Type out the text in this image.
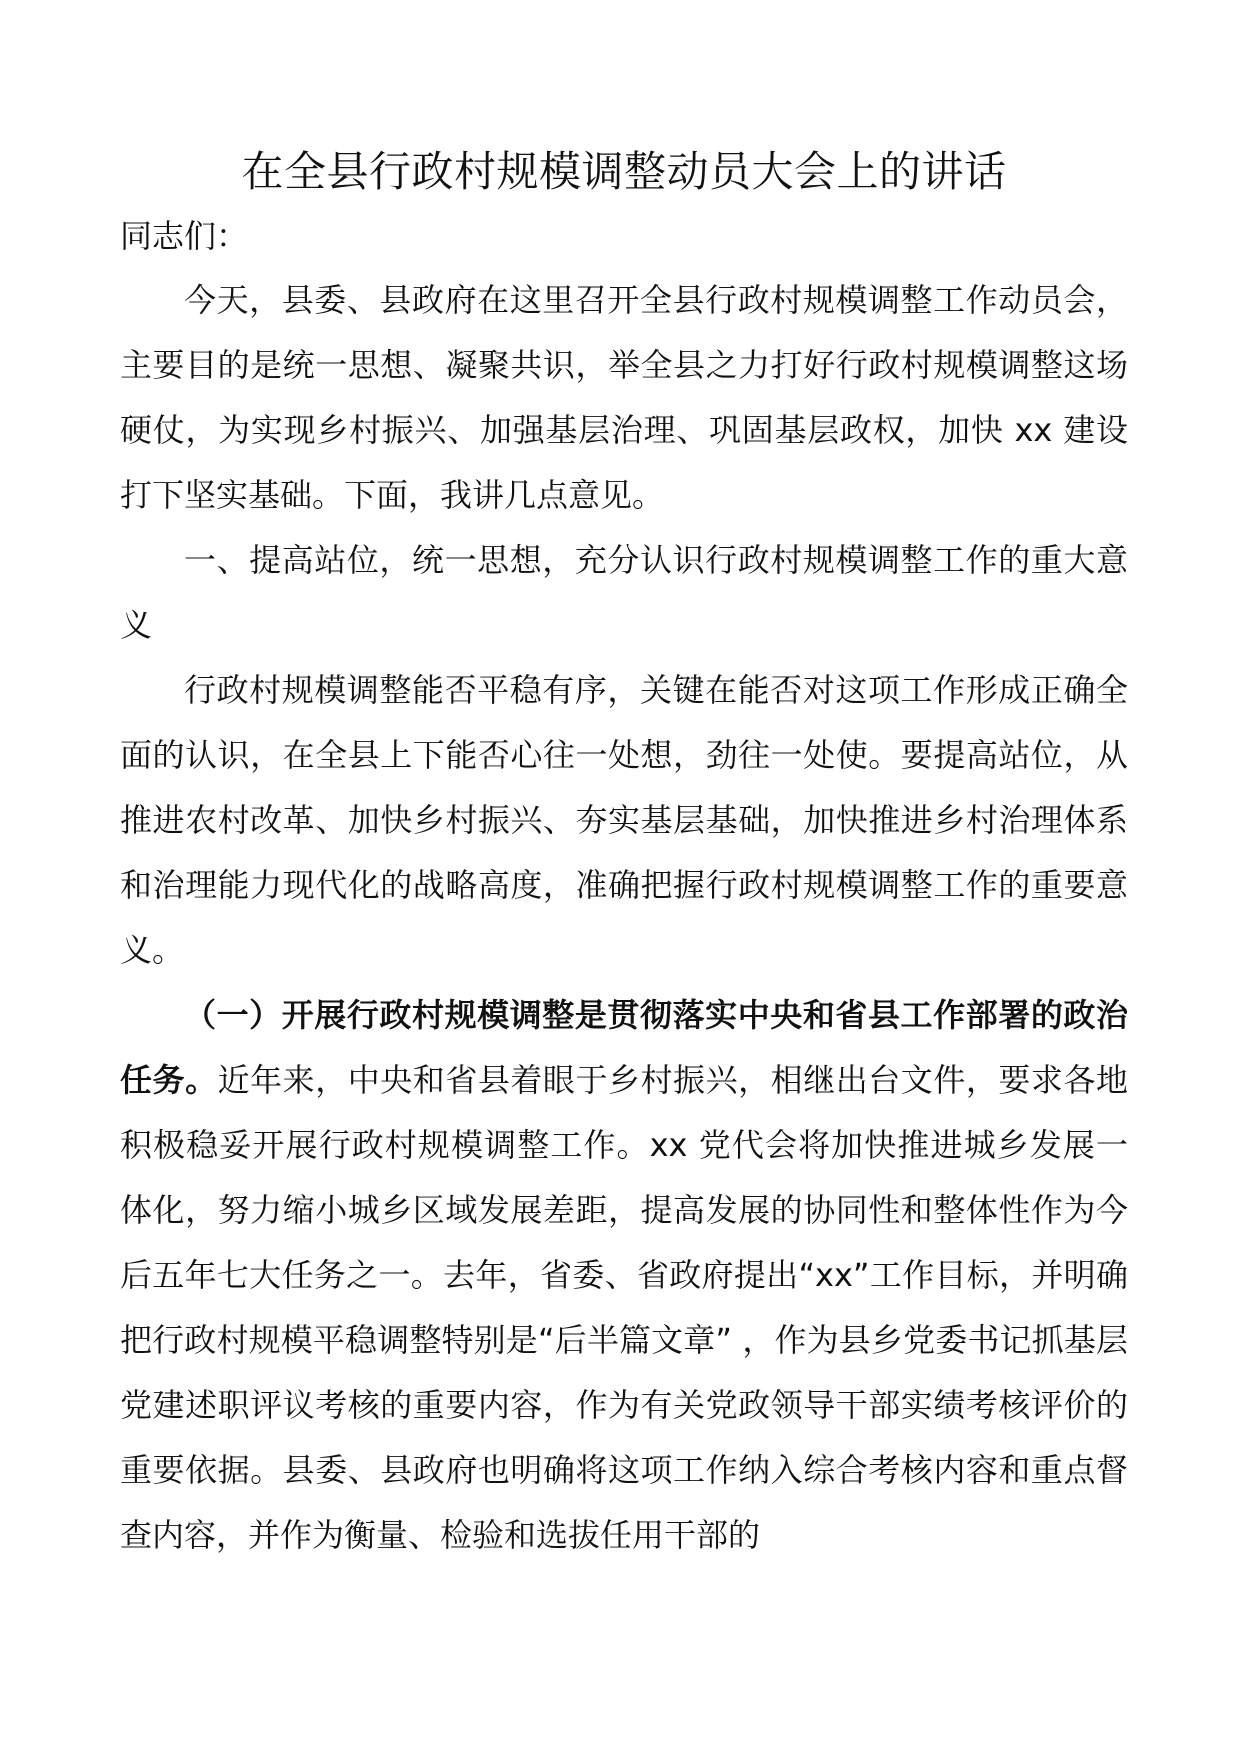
在全县行政村规模调整动员大会上的讲话

同志们：

今天，县委、县政府在这里召开全县行政村规模调整工作动员会，主要目的是统一思想、凝聚共识，举全县之力打好行政村规模调整这场硬仗，为实现乡村振兴、加强基层治理、巩固基层政权，加快 xx 建设打下坚实基础。下面，我讲几点意见。

一、提高站位，统一思想，充分认识行政村规模调整工作的重大意义

行政村规模调整能否平稳有序，关键在能否对这项工作形成正确全面的认识，在全县上下能否心往一处想，劲往一处使。要提高站位，从推进农村改革、加快乡村振兴、夯实基层基础，加快推进乡村治理体系和治理能力现代化的战略高度，准确把握行政村规模调整工作的重要意义。

（一）开展行政村规模调整是贯彻落实中央和省县工作部署的政治任务。近年来，中央和省县着眼于乡村振兴，相继出台文件，要求各地积极稳妥开展行政村规模调整工作。xx 党代会将加快推进城乡发展一体化，努力缩小城乡区域发展差距，提高发展的协同性和整体性作为今后五年七大任务之一。去年，省委、省政府提出“xx”工作目标，并明确把行政村规模平稳调整特别是“后半篇文章” ，作为县乡党委书记抓基层党建述职评议考核的重要内容，作为有关党政领导干部实绩考核评价的重要依据。县委、县政府也明确将这项工作纳入综合考核内容和重点督查内容，并作为衡量、检验和选拔任用干部的
